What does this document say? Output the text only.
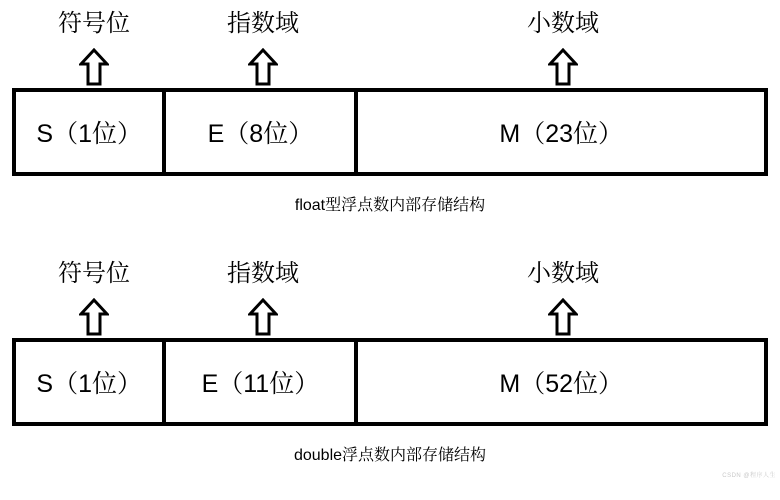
符号位	指数域	小数域
S（1位）	E（8位）	M（23位）
float型浮点数内部存储结构
符号位	指数域	小数域
S（1位）	E（11位）	M（52位）
double浮点数内部存储结构
CSDN @程序人生
